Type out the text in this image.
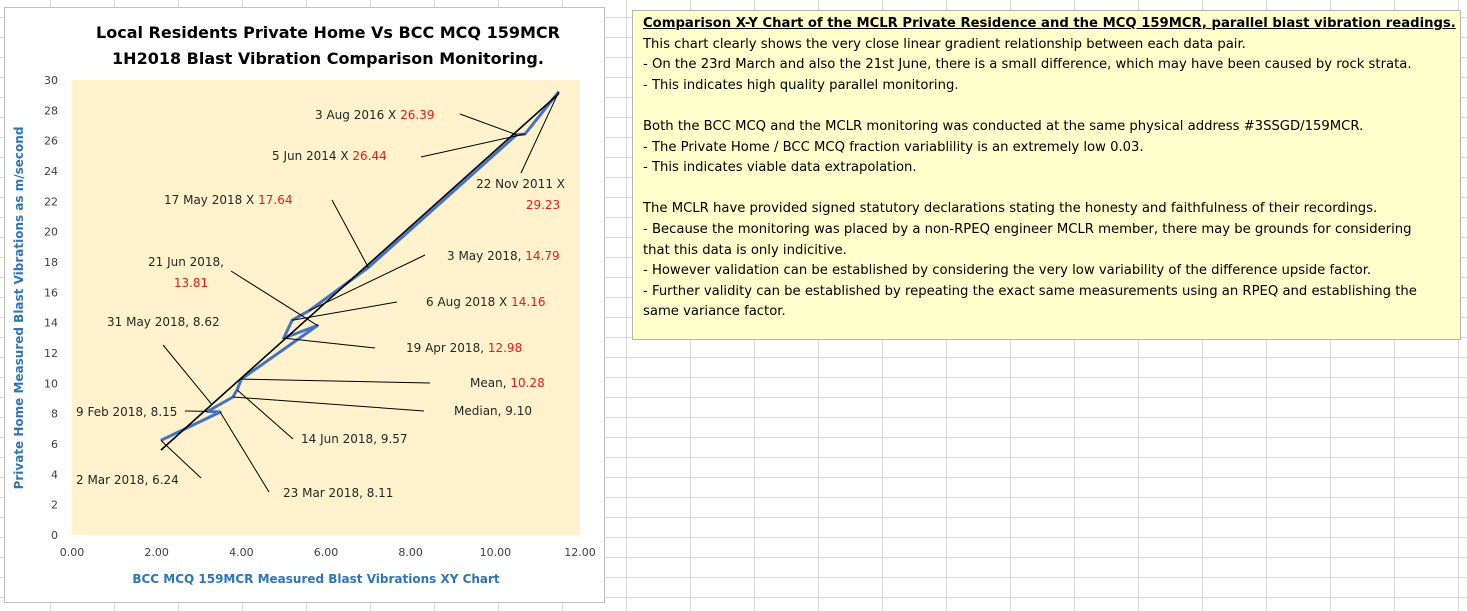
Local Residents Private Home Vs BCC MCQ 159MCR
1H2018 Blast Vibration Comparison Monitoring.
0
2
4
6
8
10
12
14
16
18
20
22
24
26
28
30
0.00	2.00	4.00	6.00	8.00	10.00	12.00
3 Aug 2016 X 26.39
5 Jun 2014 X 26.44
22 Nov 2011 X
29.23
17 May 2018 X 17.64
21 Jun 2018,
13.81
3 May 2018, 14.79
6 Aug 2018 X 14.16
31 May 2018, 8.62
19 Apr 2018, 12.98
Mean, 10.28
9 Feb 2018, 8.15	Median, 9.10
14 Jun 2018, 9.57
2 Mar 2018, 6.24
23 Mar 2018, 8.11
BCC MCQ 159MCR Measured Blast Vibrations XY Chart
Private Home Measured Blast Vibrations as m/second
Comparison X-Y Chart of the MCLR Private Residence and the MCQ 159MCR, parallel blast vibration readings.
This chart clearly shows the very close linear gradient relationship between each data pair.
- On the 23rd March and also the 21st June, there is a small difference, which may have been caused by rock strata.
- This indicates high quality parallel monitoring.
Both the BCC MCQ and the MCLR monitoring was conducted at the same physical address #3SSGD/159MCR.
- The Private Home / BCC MCQ fraction variablility is an extremely low 0.03.
- This indicates viable data extrapolation.
The MCLR have provided signed statutory declarations stating the honesty and faithfulness of their recordings.
- Because the monitoring was placed by a non-RPEQ engineer MCLR member, there may be grounds for considering
that this data is only indicitive.
- However validation can be established by considering the very low variability of the difference upside factor.
- Further validity can be established by repeating the exact same measurements using an RPEQ and establishing the
same variance factor.
